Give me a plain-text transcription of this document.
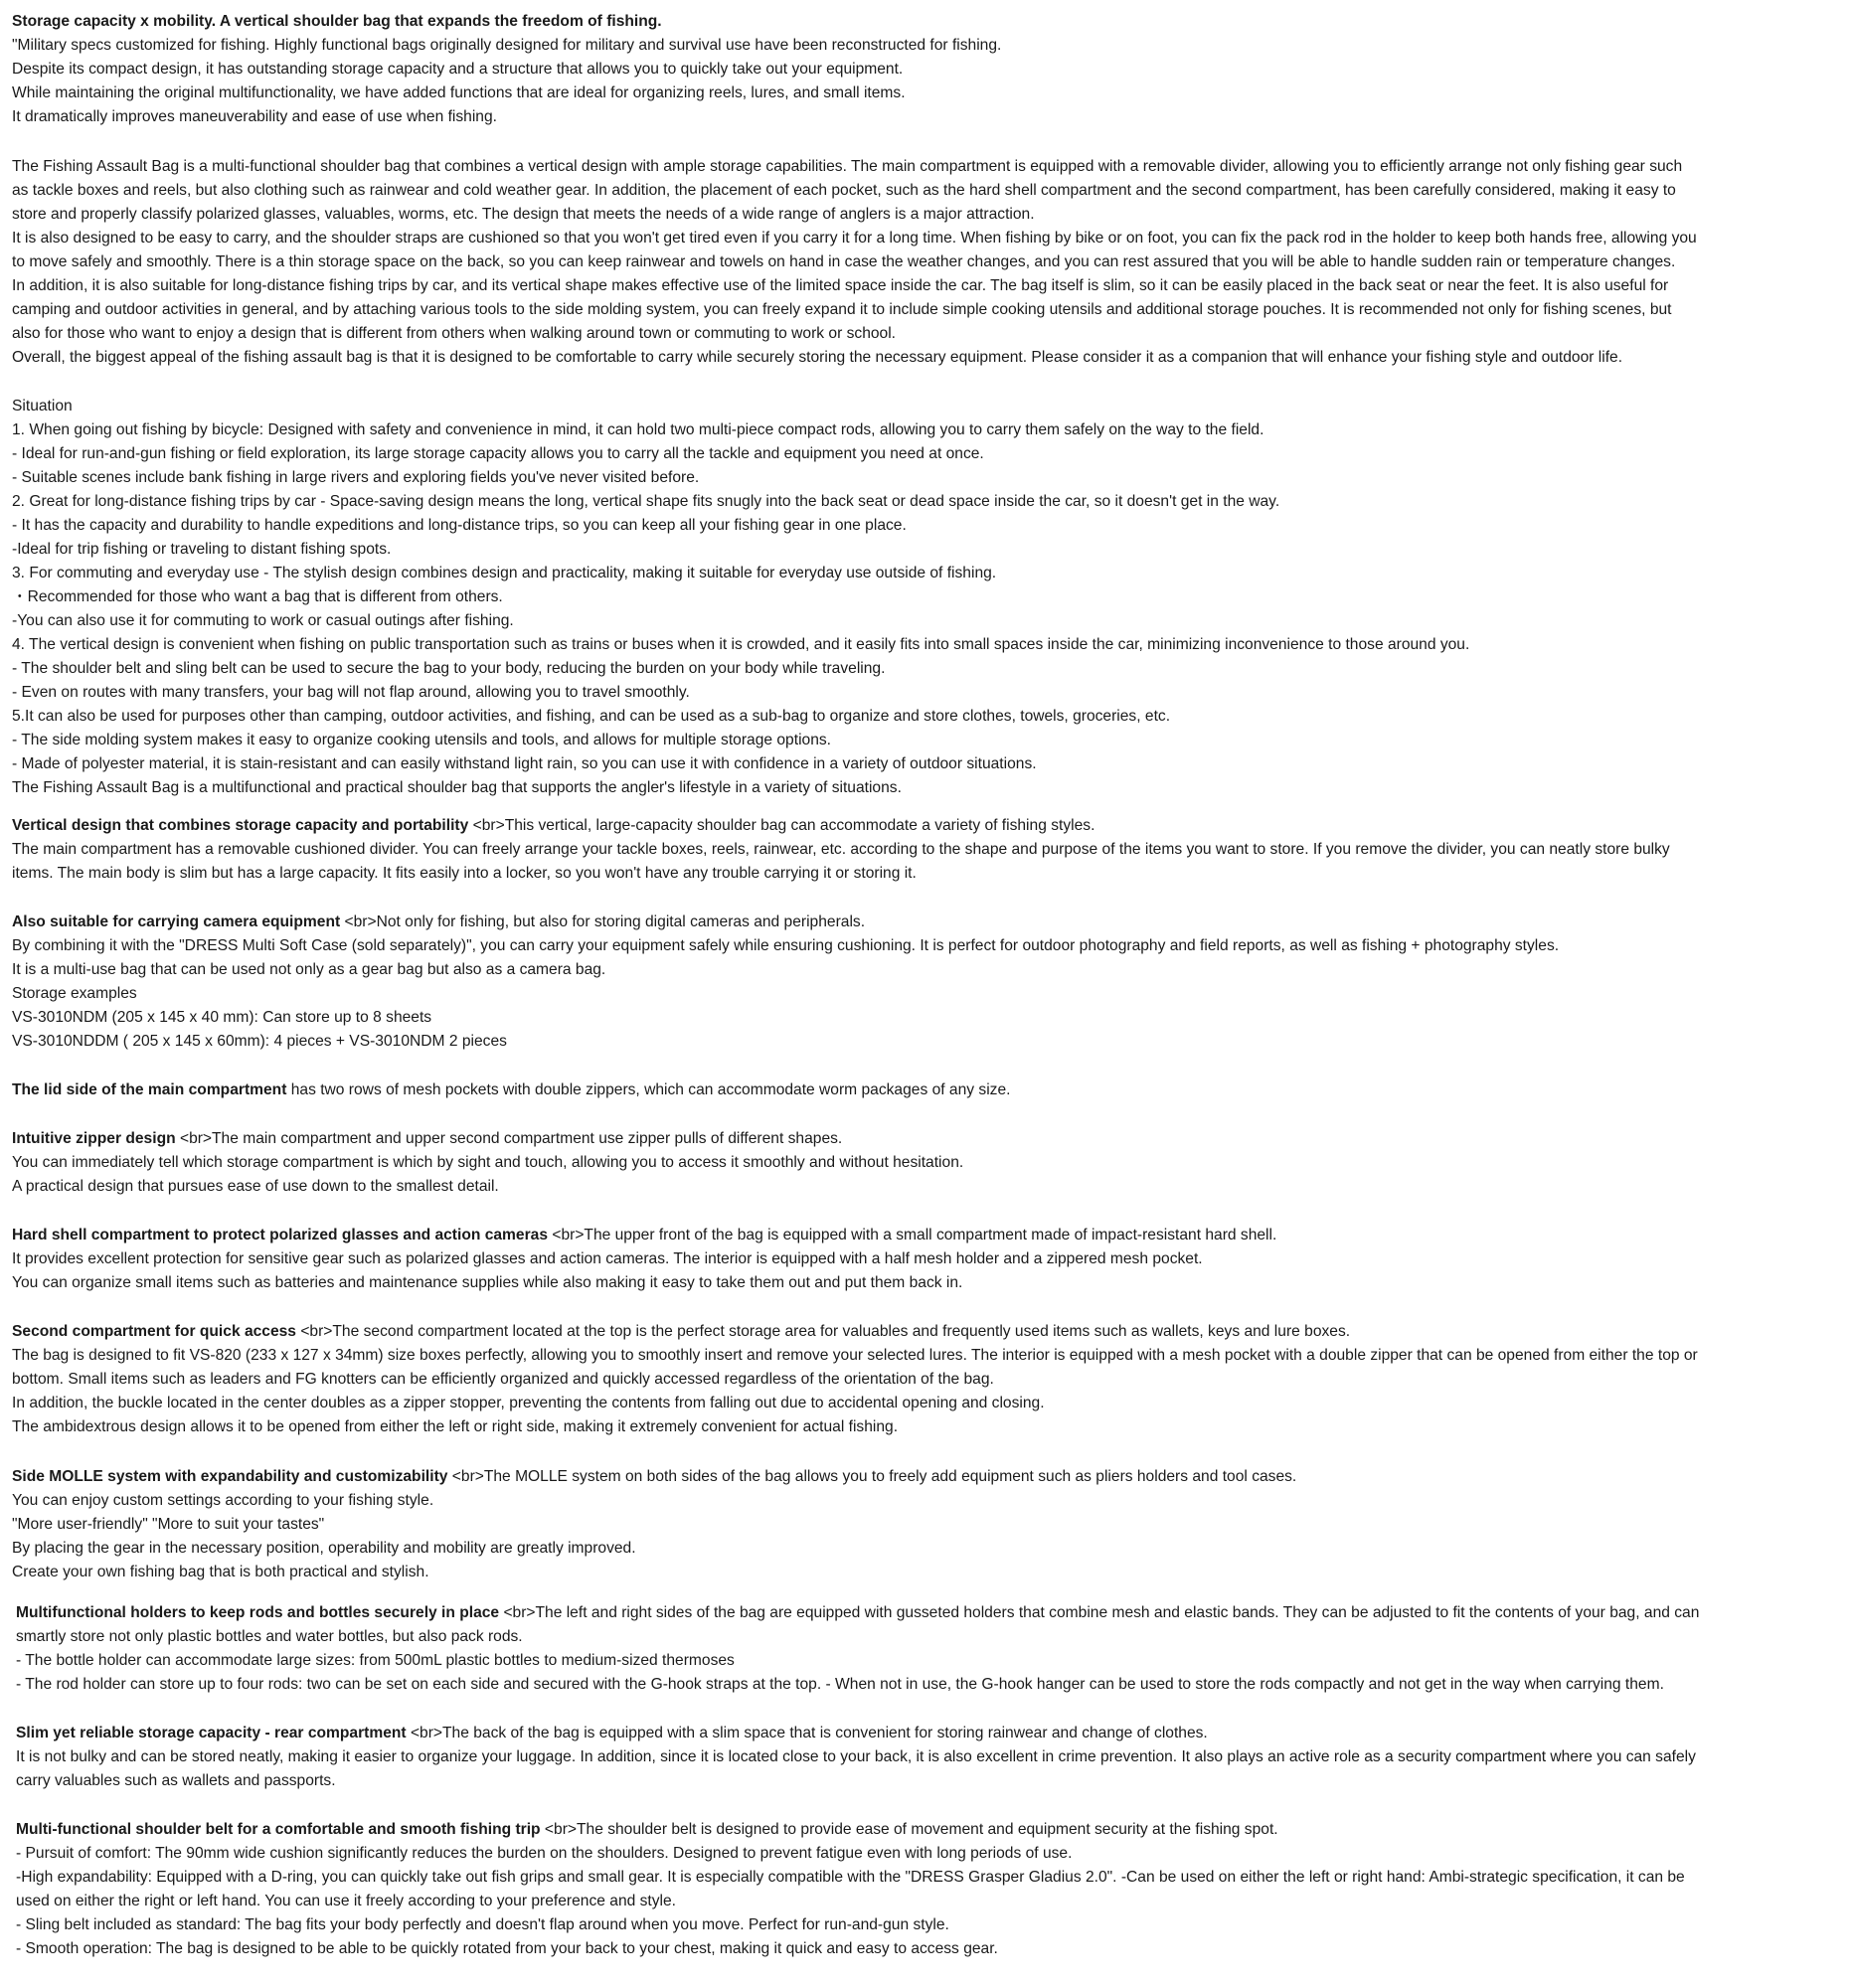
Storage capacity x mobility. A vertical shoulder bag that expands the freedom of fishing.
"Military specs customized for fishing. Highly functional bags originally designed for military and survival use have been reconstructed for fishing.
Despite its compact design, it has outstanding storage capacity and a structure that allows you to quickly take out your equipment.
While maintaining the original multifunctionality, we have added functions that are ideal for organizing reels, lures, and small items.
It dramatically improves maneuverability and ease of use when fishing.
The Fishing Assault Bag is a multi-functional shoulder bag that combines a vertical design with ample storage capabilities. The main compartment is equipped with a removable divider, allowing you to efficiently arrange not only fishing gear such
as tackle boxes and reels, but also clothing such as rainwear and cold weather gear. In addition, the placement of each pocket, such as the hard shell compartment and the second compartment, has been carefully considered, making it easy to
store and properly classify polarized glasses, valuables, worms, etc. The design that meets the needs of a wide range of anglers is a major attraction.
It is also designed to be easy to carry, and the shoulder straps are cushioned so that you won't get tired even if you carry it for a long time. When fishing by bike or on foot, you can fix the pack rod in the holder to keep both hands free, allowing you
to move safely and smoothly. There is a thin storage space on the back, so you can keep rainwear and towels on hand in case the weather changes, and you can rest assured that you will be able to handle sudden rain or temperature changes.
In addition, it is also suitable for long-distance fishing trips by car, and its vertical shape makes effective use of the limited space inside the car. The bag itself is slim, so it can be easily placed in the back seat or near the feet. It is also useful for
camping and outdoor activities in general, and by attaching various tools to the side molding system, you can freely expand it to include simple cooking utensils and additional storage pouches. It is recommended not only for fishing scenes, but
also for those who want to enjoy a design that is different from others when walking around town or commuting to work or school.
Overall, the biggest appeal of the fishing assault bag is that it is designed to be comfortable to carry while securely storing the necessary equipment. Please consider it as a companion that will enhance your fishing style and outdoor life.
Situation
1. When going out fishing by bicycle: Designed with safety and convenience in mind, it can hold two multi-piece compact rods, allowing you to carry them safely on the way to the field.
- Ideal for run-and-gun fishing or field exploration, its large storage capacity allows you to carry all the tackle and equipment you need at once.
- Suitable scenes include bank fishing in large rivers and exploring fields you've never visited before.
2. Great for long-distance fishing trips by car - Space-saving design means the long, vertical shape fits snugly into the back seat or dead space inside the car, so it doesn't get in the way.
- It has the capacity and durability to handle expeditions and long-distance trips, so you can keep all your fishing gear in one place.
-Ideal for trip fishing or traveling to distant fishing spots.
3. For commuting and everyday use - The stylish design combines design and practicality, making it suitable for everyday use outside of fishing.
・Recommended for those who want a bag that is different from others.
-You can also use it for commuting to work or casual outings after fishing.
4. The vertical design is convenient when fishing on public transportation such as trains or buses when it is crowded, and it easily fits into small spaces inside the car, minimizing inconvenience to those around you.
- The shoulder belt and sling belt can be used to secure the bag to your body, reducing the burden on your body while traveling.
- Even on routes with many transfers, your bag will not flap around, allowing you to travel smoothly.
5.It can also be used for purposes other than camping, outdoor activities, and fishing, and can be used as a sub-bag to organize and store clothes, towels, groceries, etc.
- The side molding system makes it easy to organize cooking utensils and tools, and allows for multiple storage options.
- Made of polyester material, it is stain-resistant and can easily withstand light rain, so you can use it with confidence in a variety of outdoor situations.
The Fishing Assault Bag is a multifunctional and practical shoulder bag that supports the angler's lifestyle in a variety of situations.
Vertical design that combines storage capacity and portability <br>This vertical, large-capacity shoulder bag can accommodate a variety of fishing styles.
The main compartment has a removable cushioned divider. You can freely arrange your tackle boxes, reels, rainwear, etc. according to the shape and purpose of the items you want to store. If you remove the divider, you can neatly store bulky
items. The main body is slim but has a large capacity. It fits easily into a locker, so you won't have any trouble carrying it or storing it.
Also suitable for carrying camera equipment <br>Not only for fishing, but also for storing digital cameras and peripherals.
By combining it with the "DRESS Multi Soft Case (sold separately)", you can carry your equipment safely while ensuring cushioning. It is perfect for outdoor photography and field reports, as well as fishing + photography styles.
It is a multi-use bag that can be used not only as a gear bag but also as a camera bag.
Storage examples
VS-3010NDM (205 x 145 x 40 mm): Can store up to 8 sheets
VS-3010NDDM ( 205 x 145 x 60mm): 4 pieces + VS-3010NDM 2 pieces
The lid side of the main compartment has two rows of mesh pockets with double zippers, which can accommodate worm packages of any size.
Intuitive zipper design <br>The main compartment and upper second compartment use zipper pulls of different shapes.
You can immediately tell which storage compartment is which by sight and touch, allowing you to access it smoothly and without hesitation.
A practical design that pursues ease of use down to the smallest detail.
Hard shell compartment to protect polarized glasses and action cameras <br>The upper front of the bag is equipped with a small compartment made of impact-resistant hard shell.
It provides excellent protection for sensitive gear such as polarized glasses and action cameras. The interior is equipped with a half mesh holder and a zippered mesh pocket.
You can organize small items such as batteries and maintenance supplies while also making it easy to take them out and put them back in.
Second compartment for quick access <br>The second compartment located at the top is the perfect storage area for valuables and frequently used items such as wallets, keys and lure boxes.
The bag is designed to fit VS-820 (233 x 127 x 34mm) size boxes perfectly, allowing you to smoothly insert and remove your selected lures. The interior is equipped with a mesh pocket with a double zipper that can be opened from either the top or
bottom. Small items such as leaders and FG knotters can be efficiently organized and quickly accessed regardless of the orientation of the bag.
In addition, the buckle located in the center doubles as a zipper stopper, preventing the contents from falling out due to accidental opening and closing.
The ambidextrous design allows it to be opened from either the left or right side, making it extremely convenient for actual fishing.
Side MOLLE system with expandability and customizability <br>The MOLLE system on both sides of the bag allows you to freely add equipment such as pliers holders and tool cases.
You can enjoy custom settings according to your fishing style.
"More user-friendly" "More to suit your tastes"
By placing the gear in the necessary position, operability and mobility are greatly improved.
Create your own fishing bag that is both practical and stylish.
Multifunctional holders to keep rods and bottles securely in place <br>The left and right sides of the bag are equipped with gusseted holders that combine mesh and elastic bands. They can be adjusted to fit the contents of your bag, and can
smartly store not only plastic bottles and water bottles, but also pack rods.
- The bottle holder can accommodate large sizes: from 500mL plastic bottles to medium-sized thermoses
- The rod holder can store up to four rods: two can be set on each side and secured with the G-hook straps at the top. - When not in use, the G-hook hanger can be used to store the rods compactly and not get in the way when carrying them.
Slim yet reliable storage capacity - rear compartment <br>The back of the bag is equipped with a slim space that is convenient for storing rainwear and change of clothes.
It is not bulky and can be stored neatly, making it easier to organize your luggage. In addition, since it is located close to your back, it is also excellent in crime prevention. It also plays an active role as a security compartment where you can safely
carry valuables such as wallets and passports.
Multi-functional shoulder belt for a comfortable and smooth fishing trip <br>The shoulder belt is designed to provide ease of movement and equipment security at the fishing spot.
- Pursuit of comfort: The 90mm wide cushion significantly reduces the burden on the shoulders. Designed to prevent fatigue even with long periods of use.
-High expandability: Equipped with a D-ring, you can quickly take out fish grips and small gear. It is especially compatible with the "DRESS Grasper Gladius 2.0". -Can be used on either the left or right hand: Ambi-strategic specification, it can be
used on either the right or left hand. You can use it freely according to your preference and style.
- Sling belt included as standard: The bag fits your body perfectly and doesn't flap around when you move. Perfect for run-and-gun style.
- Smooth operation: The bag is designed to be able to be quickly rotated from your back to your chest, making it quick and easy to access gear.
